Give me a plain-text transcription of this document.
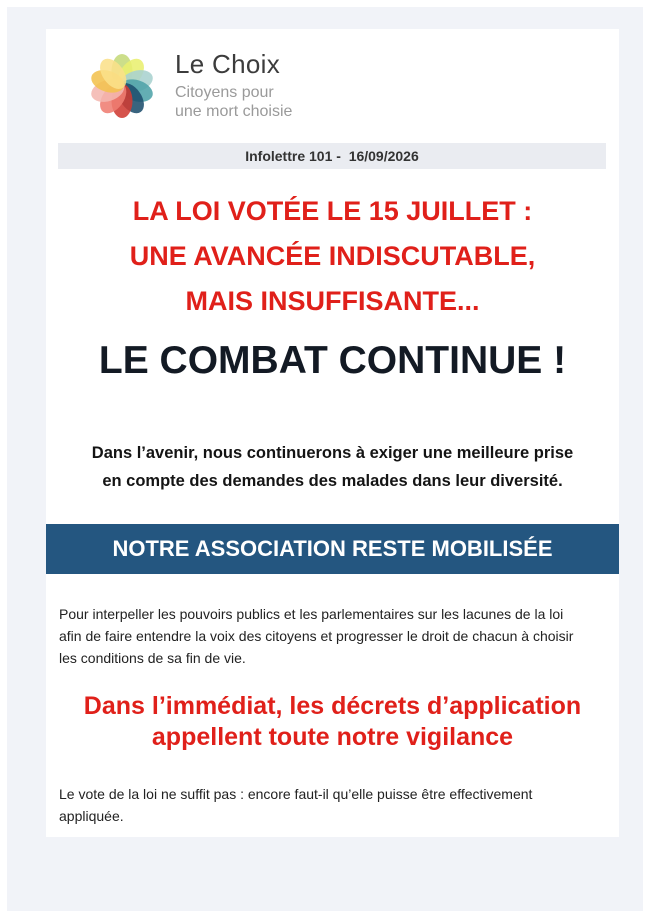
Le Choix
Citoyens pour
une mort choisie
Infolettre 101 -  16/09/2026
LA LOI VOTÉE LE 15 JUILLET :
UNE AVANCÉE INDISCUTABLE,
MAIS INSUFFISANTE...
LE COMBAT CONTINUE !
Dans l’avenir, nous continuerons à exiger une meilleure prise
en compte des demandes des malades dans leur diversité.
NOTRE ASSOCIATION RESTE MOBILISÉE
Pour interpeller les pouvoirs publics et les parlementaires sur les lacunes de la loi
afin de faire entendre la voix des citoyens et progresser le droit de chacun à choisir
les conditions de sa fin de vie.
Dans l’immédiat, les décrets d’application
appellent toute notre vigilance
Le vote de la loi ne suffit pas : encore faut-il qu’elle puisse être effectivement
appliquée.
